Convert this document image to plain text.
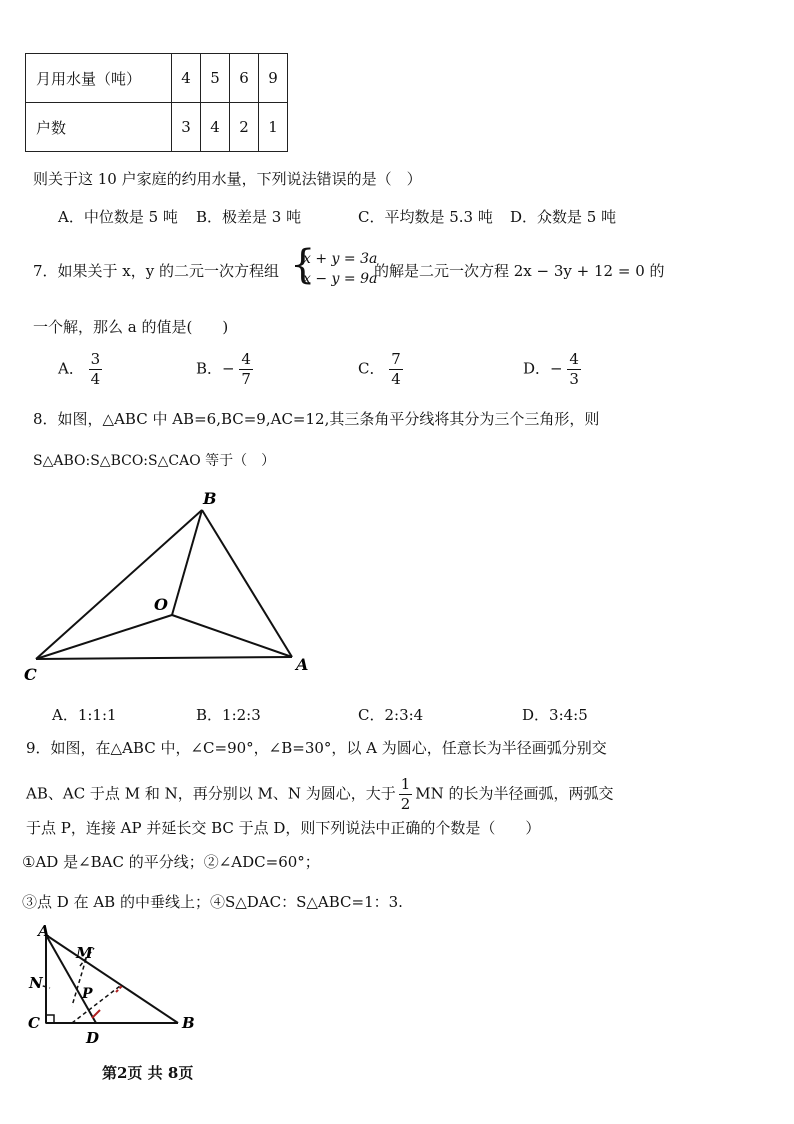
月用水量（吨）	4	5	6	9
户数	3	4	2	1
则关于这 10 户家庭的约用水量，下列说法错误的是（　）
A．中位数是 5 吨 B．极差是 3 吨	C．平均数是 5.3 吨 D．众数是 5 吨
7．如果关于 x，y 的二元一次方程组 {
x + y = 3a
x − y = 9a
的解是二元一次方程 2x − 3y + 12 = 0 的
一个解，那么 a 的值是(　　)
A． $\frac{3}{4}$	B．− $\frac{4}{7}$	C． $\frac{7}{4}$	D．− $\frac{4}{3}$
8．如图，△ABC 中 AB=6,BC=9,AC=12,其三条角平分线将其分为三个三角形，则
S△ABO:S△BCO:S△CAO 等于（　）
B
O
C
A
A．1:1:1	B．1:2:3	C．2:3:4	D．3:4:5
9．如图，在△ABC 中，∠C=90°，∠B=30°，以 A 为圆心，任意长为半径画弧分别交
AB、AC 于点 M 和 N，再分别以 M、N 为圆心，大于 $\frac{1}{2}$ MN 的长为半径画弧，两弧交
于点 P，连接 AP 并延长交 BC 于点 D，则下列说法中正确的个数是（　　）
①AD 是∠BAC 的平分线；②∠ADC=60°；
③点 D 在 AB 的中垂线上；④S△DAC：S△ABC=1：3.
A
M
N
P
C
D
B
第2页 共 8页
